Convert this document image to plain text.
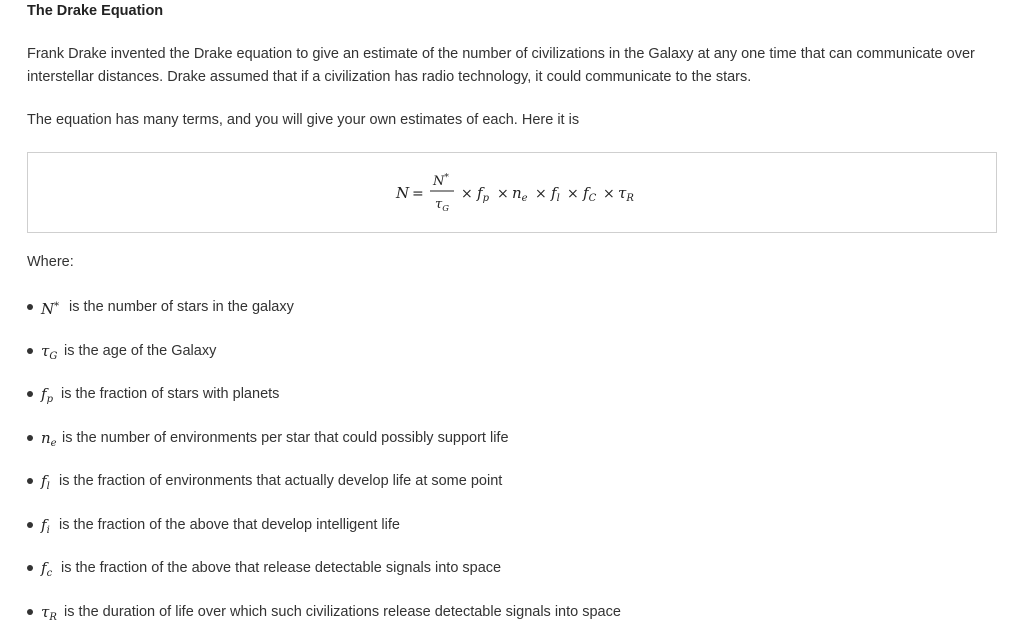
The Drake Equation

Frank Drake invented the Drake equation to give an estimate of the number of civilizations in the Galaxy at any one time that can communicate over interstellar distances. Drake assumed that if a civilization has radio technology, it could communicate to the stars.

The equation has many terms, and you will give your own estimates of each. Here it is

N =
N*
$\tau_G$
× $f_p \times n_e \times f_l \times f_C \times \tau_R$
Where:
N* is the number of stars in the galaxy
$\tau_G$ is the age of the Galaxy
$f_p$ is the fraction of stars with planets
$n_e$ is the number of environments per star that could possibly support life
$f_l$ is the fraction of environments that actually develop life at some point
$f_i$ is the fraction of the above that develop intelligent life
$f_c$ is the fraction of the above that release detectable signals into space
$\tau_R$ is the duration of life over which such civilizations release detectable signals into space
